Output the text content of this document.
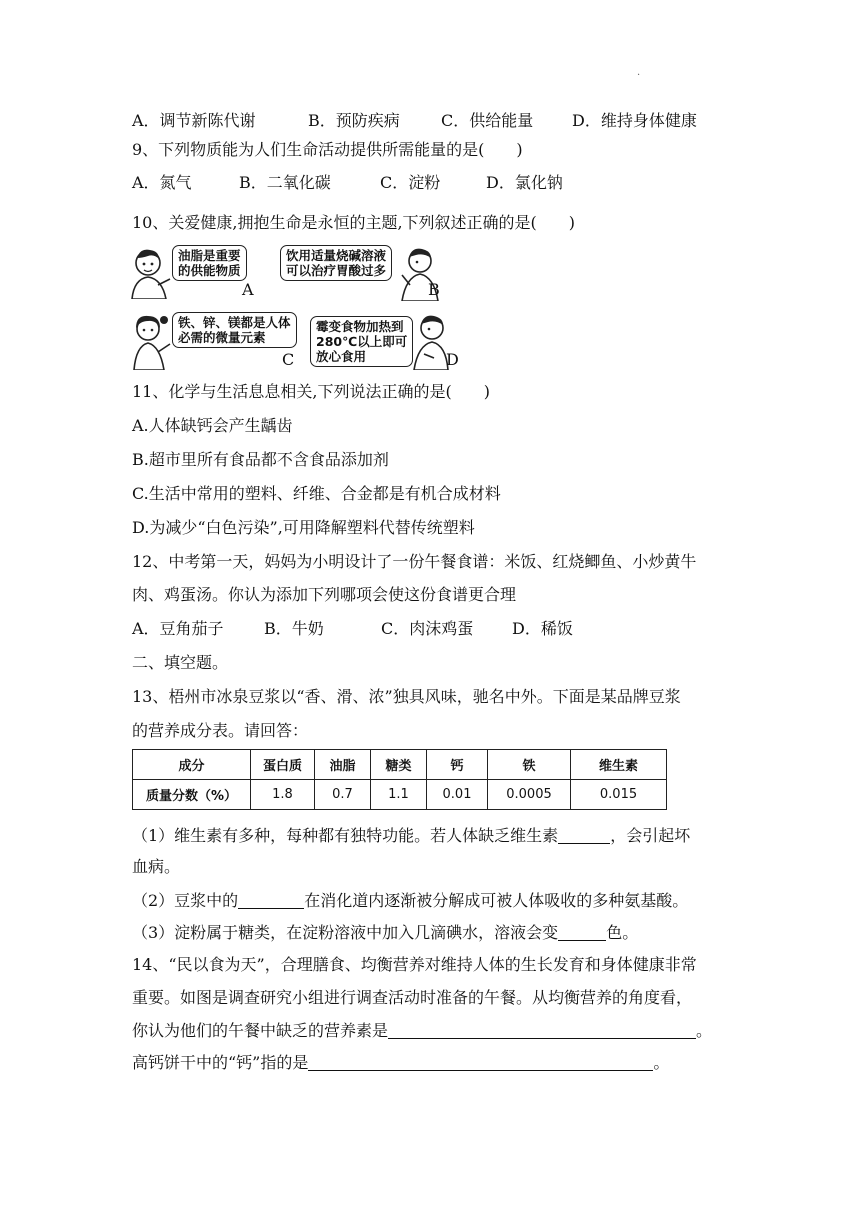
·
A．调节新陈代谢	B．预防疾病	C．供给能量 D．维持身体健康
9、下列物质能为人们生命活动提供所需能量的是(　　)
A．氮气	B．二氧化碳	C．淀粉	D．氯化钠
10、关爱健康,拥抱生命是永恒的主题,下列叙述正确的是(　　)
油脂是重要
的供能物质
A
饮用适量烧碱溶液
可以治疗胃酸过多
B
铁、锌、镁都是人体
必需的微量元素
C
霉变食物加热到
280℃以上即可
放心食用	D
11、化学与生活息息相关,下列说法正确的是(　　)
A.人体缺钙会产生龋齿
B.超市里所有食品都不含食品添加剂
C.生活中常用的塑料、纤维、合金都是有机合成材料
D.为减少“白色污染”,可用降解塑料代替传统塑料
12、中考第一天，妈妈为小明设计了一份午餐食谱：米饭、红烧鲫鱼、小炒黄牛
肉、鸡蛋汤。你认为添加下列哪项会使这份食谱更合理
A．豆角茄子	B．牛奶	C．肉沫鸡蛋 D．稀饭
二、填空题。
13、梧州市冰泉豆浆以“香、滑、浓”独具风味，驰名中外。下面是某品牌豆浆
的营养成分表。请回答：
成分	蛋白质	油脂	糖类	钙	铁	维生素
质量分数（%）	1.8	0.7	1.1	0.01	0.0005	0.015
（1）维生素有多种，每种都有独特功能。若人体缺乏维生素	，会引起坏
血病。
（2）豆浆中的	在消化道内逐渐被分解成可被人体吸收的多种氨基酸。
（3）淀粉属于糖类，在淀粉溶液中加入几滴碘水，溶液会变	色。
14、“民以食为天”，合理膳食、均衡营养对维持人体的生长发育和身体健康非常
重要。如图是调查研究小组进行调查活动时准备的午餐。从均衡营养的角度看，
你认为他们的午餐中缺乏的营养素是	。
高钙饼干中的“钙”指的是	。
